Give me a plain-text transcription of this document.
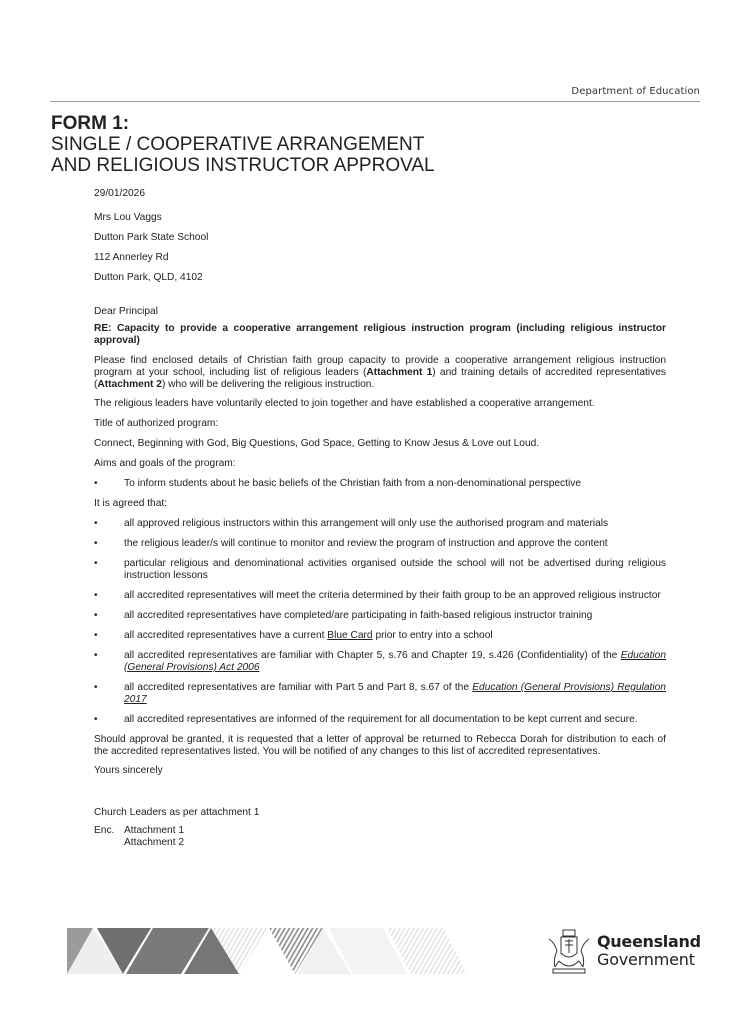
Department of Education
FORM 1:
SINGLE / COOPERATIVE ARRANGEMENT
AND RELIGIOUS INSTRUCTOR APPROVAL

29/01/2026

Mrs Lou Vaggs

Dutton Park State School

112 Annerley Rd

Dutton Park, QLD, 4102

Dear Principal

RE: Capacity to provide a cooperative arrangement religious instruction program (including religious instructor approval)

Please find enclosed details of Christian faith group capacity to provide a cooperative arrangement religious instruction program at your school, including list of religious leaders (Attachment 1) and training details of accredited representatives (Attachment 2) who will be delivering the religious instruction.

The religious leaders have voluntarily elected to join together and have established a cooperative arrangement.

Title of authorized program:

Connect, Beginning with God, Big Questions, God Space, Getting to Know Jesus & Love out Loud.

Aims and goals of the program:

•	To inform students about he basic beliefs of the Christian faith from a non-denominational perspective

It is agreed that:

•	all approved religious instructors within this arrangement will only use the authorised program and materials
•	the religious leader/s will continue to monitor and review the program of instruction and approve the content
•	particular religious and denominational activities organised outside the school will not be advertised during religious instruction lessons
•	all accredited representatives will meet the criteria determined by their faith group to be an approved religious instructor
•	all accredited representatives have completed/are participating in faith-based religious instructor training
•	all accredited representatives have a current Blue Card prior to entry into a school
•	all accredited representatives are familiar with Chapter 5, s.76 and Chapter 19, s.426 (Confidentiality) of the Education (General Provisions) Act 2006
•	all accredited representatives are familiar with Part 5 and Part 8, s.67 of the Education (General Provisions) Regulation 2017
•	all accredited representatives are informed of the requirement for all documentation to be kept current and secure.

Should approval be granted, it is requested that a letter of approval be returned to Rebecca Dorah for distribution to each of the accredited representatives listed. You will be notified of any changes to this list of accredited representatives.

Yours sincerely

Church Leaders as per attachment 1

Enc. Attachment 1
Attachment 2
Queensland
Government
